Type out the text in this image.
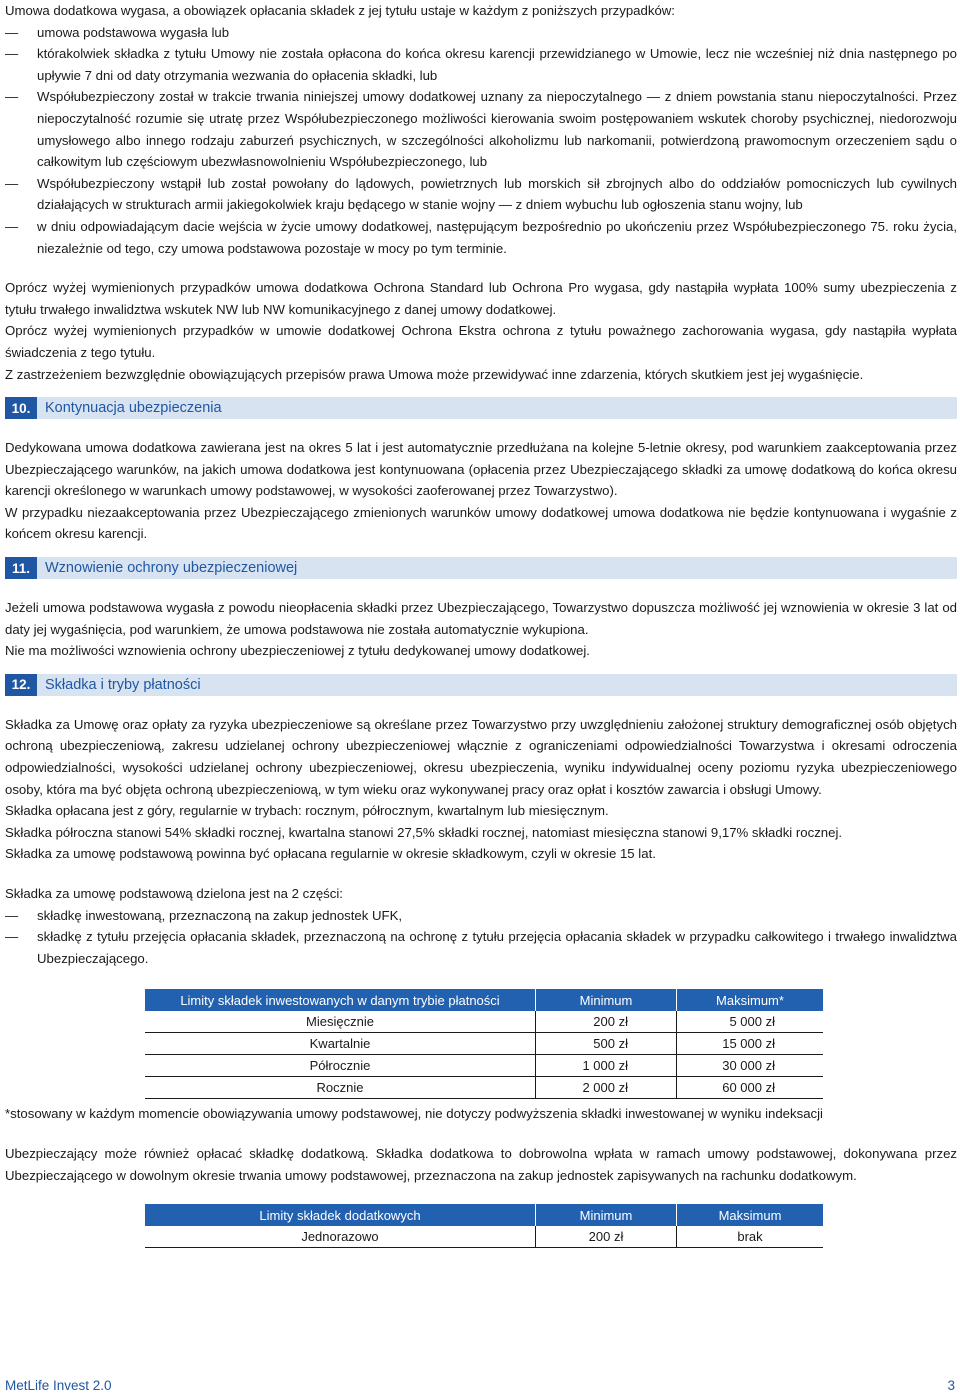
Umowa dodatkowa wygasa, a obowiązek opłacania składek z jej tytułu ustaje w każdym z poniższych przypadków:

— umowa podstawowa wygasła lub
— którakolwiek składka z tytułu Umowy nie została opłacona do końca okresu karencji przewidzianego w Umowie, lecz nie wcześniej niż dnia następnego po upływie 7 dni od daty otrzymania wezwania do opłacenia składki, lub
— Współubezpieczony został w trakcie trwania niniejszej umowy dodatkowej uznany za niepoczytalnego — z dniem powstania stanu niepoczytalności. Przez niepoczytalność rozumie się utratę przez Współubezpieczonego możliwości kierowania swoim postępowaniem wskutek choroby psychicznej, niedorozwoju umysłowego albo innego rodzaju zaburzeń psychicznych, w szczególności alkoholizmu lub narkomanii, potwierdzoną prawomocnym orzeczeniem sądu o całkowitym lub częściowym ubezwłasnowolnieniu Współubezpieczonego, lub
— Współubezpieczony wstąpił lub został powołany do lądowych, powietrznych lub morskich sił zbrojnych albo do oddziałów pomocniczych lub cywilnych działających w strukturach armii jakiegokolwiek kraju będącego w stanie wojny — z dniem wybuchu lub ogłoszenia stanu wojny, lub
— w dniu odpowiadającym dacie wejścia w życie umowy dodatkowej, następującym bezpośrednio po ukończeniu przez Współubezpieczonego 75. roku życia, niezależnie od tego, czy umowa podstawowa pozostaje w mocy po tym terminie.

Oprócz wyżej wymienionych przypadków umowa dodatkowa Ochrona Standard lub Ochrona Pro wygasa, gdy nastąpiła wypłata 100% sumy ubezpieczenia z tytułu trwałego inwalidztwa wskutek NW lub NW komunikacyjnego z danej umowy dodatkowej.

Oprócz wyżej wymienionych przypadków w umowie dodatkowej Ochrona Ekstra ochrona z tytułu poważnego zachorowania wygasa, gdy nastąpiła wypłata świadczenia z tego tytułu.

Z zastrzeżeniem bezwzględnie obowiązujących przepisów prawa Umowa może przewidywać inne zdarzenia, których skutkiem jest jej wygaśnięcie.

10.	Kontynuacja ubezpieczenia

Dedykowana umowa dodatkowa zawierana jest na okres 5 lat i jest automatycznie przedłużana na kolejne 5-letnie okresy, pod warunkiem zaakceptowania przez Ubezpieczającego warunków, na jakich umowa dodatkowa jest kontynuowana (opłacenia przez Ubezpieczającego składki za umowę dodatkową do końca okresu karencji określonego w warunkach umowy podstawowej, w wysokości zaoferowanej przez Towarzystwo).

W przypadku niezaakceptowania przez Ubezpieczającego zmienionych warunków umowy dodatkowej umowa dodatkowa nie będzie kontynuowana i wygaśnie z końcem okresu karencji.

11.	Wznowienie ochrony ubezpieczeniowej

Jeżeli umowa podstawowa wygasła z powodu nieopłacenia składki przez Ubezpieczającego, Towarzystwo dopuszcza możliwość jej wznowienia w okresie 3 lat od daty jej wygaśnięcia, pod warunkiem, że umowa podstawowa nie została automatycznie wykupiona.

Nie ma możliwości wznowienia ochrony ubezpieczeniowej z tytułu dedykowanej umowy dodatkowej.

12.	Składka i tryby płatności

Składka za Umowę oraz opłaty za ryzyka ubezpieczeniowe są określane przez Towarzystwo przy uwzględnieniu założonej struktury demograficznej osób objętych ochroną ubezpieczeniową, zakresu udzielanej ochrony ubezpieczeniowej włącznie z ograniczeniami odpowiedzialności Towarzystwa i okresami odroczenia odpowiedzialności, wysokości udzielanej ochrony ubezpieczeniowej, okresu ubezpieczenia, wyniku indywidualnej oceny poziomu ryzyka ubezpieczeniowego osoby, która ma być objęta ochroną ubezpieczeniową, w tym wieku oraz wykonywanej pracy oraz opłat i kosztów zawarcia i obsługi Umowy.

Składka opłacana jest z góry, regularnie w trybach: rocznym, półrocznym, kwartalnym lub miesięcznym.

Składka półroczna stanowi 54% składki rocznej, kwartalna stanowi 27,5% składki rocznej, natomiast miesięczna stanowi 9,17% składki rocznej.

Składka za umowę podstawową powinna być opłacana regularnie w okresie składkowym, czyli w okresie 15 lat.

Składka za umowę podstawową dzielona jest na 2 części:

— składkę inwestowaną, przeznaczoną na zakup jednostek UFK,
— składkę z tytułu przejęcia opłacania składek, przeznaczoną na ochronę z tytułu przejęcia opłacania składek w przypadku całkowitego i trwałego inwalidztwa Ubezpieczającego.
Limity składek inwestowanych w danym trybie płatności	Minimum	Maksimum*
Miesięcznie	200 zł	5 000 zł
Kwartalnie	500 zł	15 000 zł
Półrocznie	1 000 zł	30 000 zł
Rocznie	2 000 zł	60 000 zł

*stosowany w każdym momencie obowiązywania umowy podstawowej, nie dotyczy podwyższenia składki inwestowanej w wyniku indeksacji

Ubezpieczający może również opłacać składkę dodatkową. Składka dodatkowa to dobrowolna wpłata w ramach umowy podstawowej, dokonywana przez Ubezpieczającego w dowolnym okresie trwania umowy podstawowej, przeznaczona na zakup jednostek zapisywanych na rachunku dodatkowym.

Limity składek dodatkowych	Minimum	Maksimum
Jednorazowo	200 zł	brak
MetLife Invest 2.0	3
